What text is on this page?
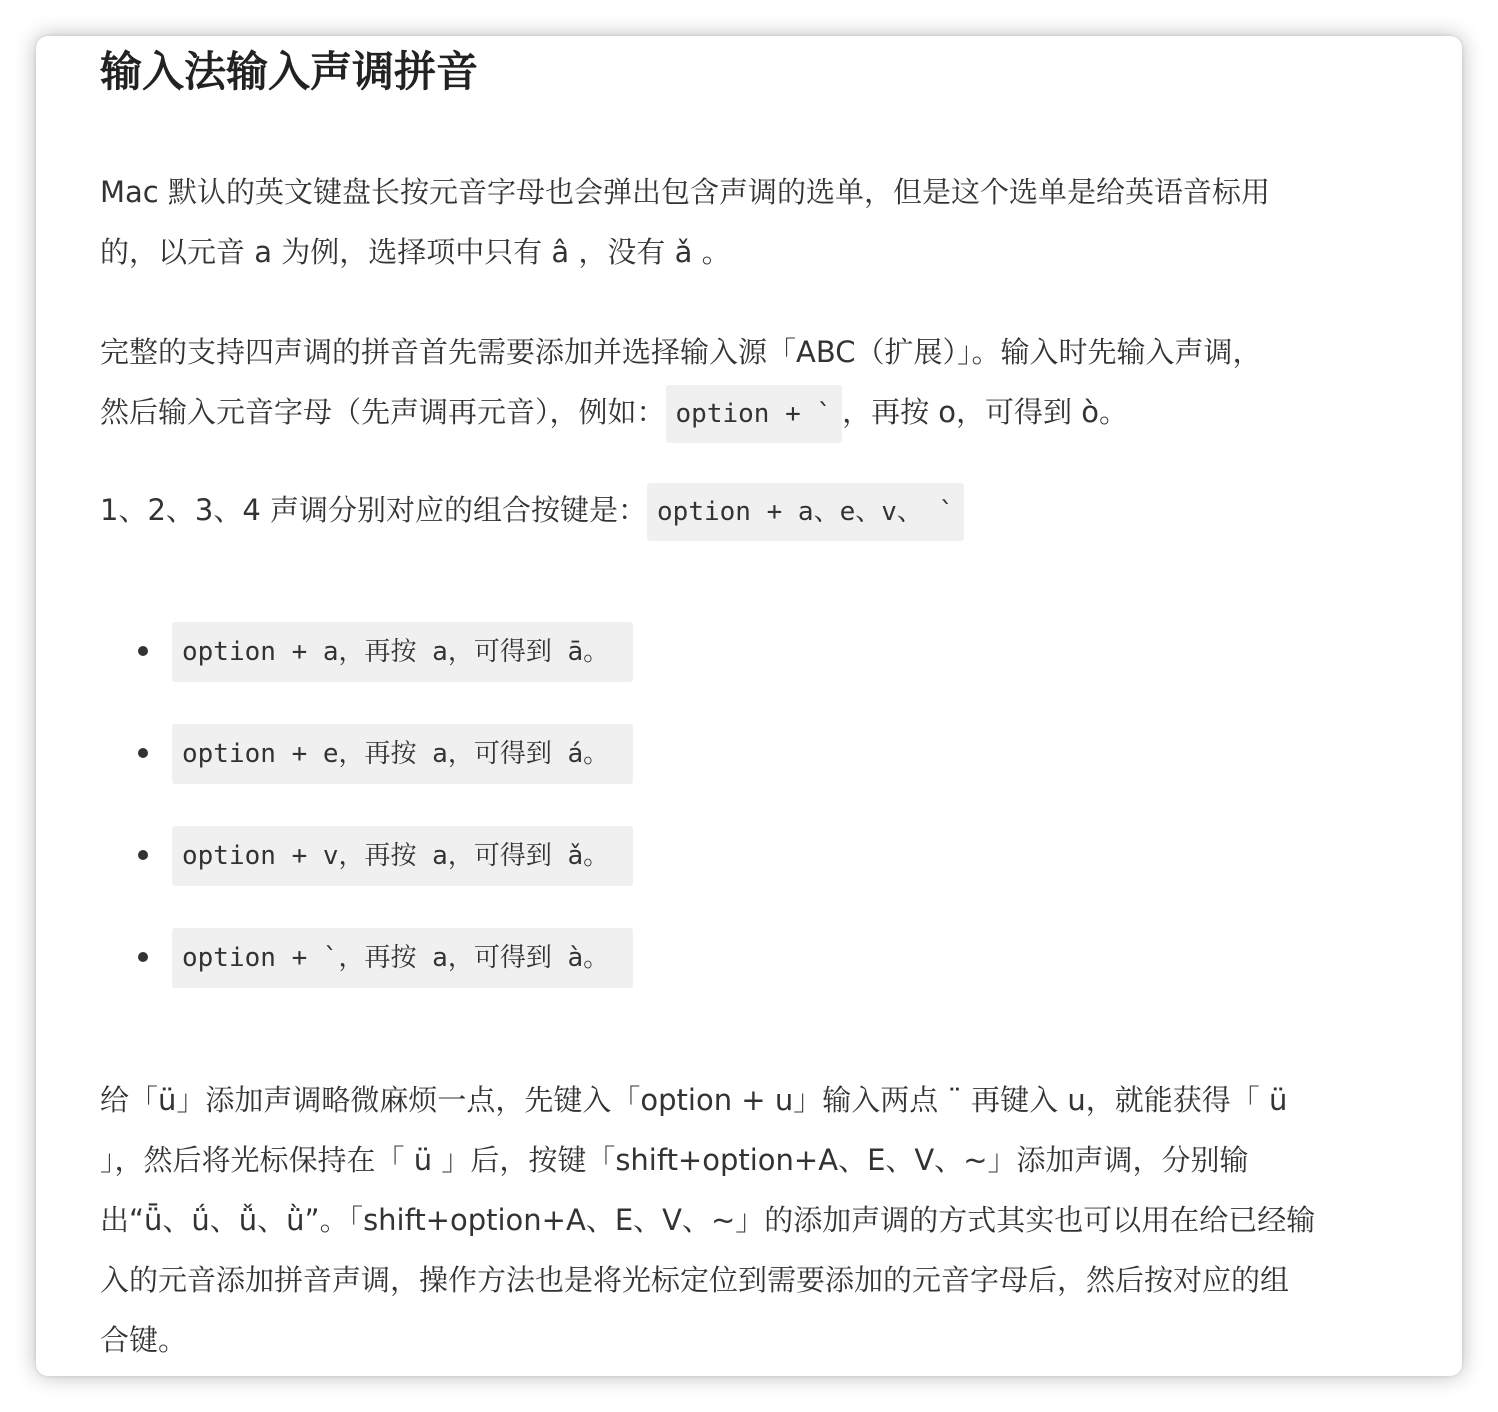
输入法输入声调拼音

Mac 默认的英文键盘长按元音字母也会弹出包含声调的选单，但是这个选单是给英语音标用
的，以元音 a 为例，选择项中只有 â ，没有 ǎ 。

完整的支持四声调的拼音首先需要添加并选择输入源「ABC（扩展）」。输入时先输入声调，
然后输入元音字母（先声调再元音），例如： option + ` ，再按 o，可得到 ò。

1、2、3、4 声调分别对应的组合按键是： option + a、e、v、 `

option + a，再按 a，可得到 ā。
option + e，再按 a，可得到 á。
option + v，再按 a，可得到 ǎ。
option + `，再按 a，可得到 à。

给「ü」添加声调略微麻烦一点，先键入「option + u」输入两点 ¨ 再键入 u，就能获得「 ü
」，然后将光标保持在「 ü 」后，按键「shift+option+A、E、V、~」添加声调，分别输
出“ǖ、ǘ、ǚ、ǜ”。「shift+option+A、E、V、~」的添加声调的方式其实也可以用在给已经输
入的元音添加拼音声调，操作方法也是将光标定位到需要添加的元音字母后，然后按对应的组
合键。
